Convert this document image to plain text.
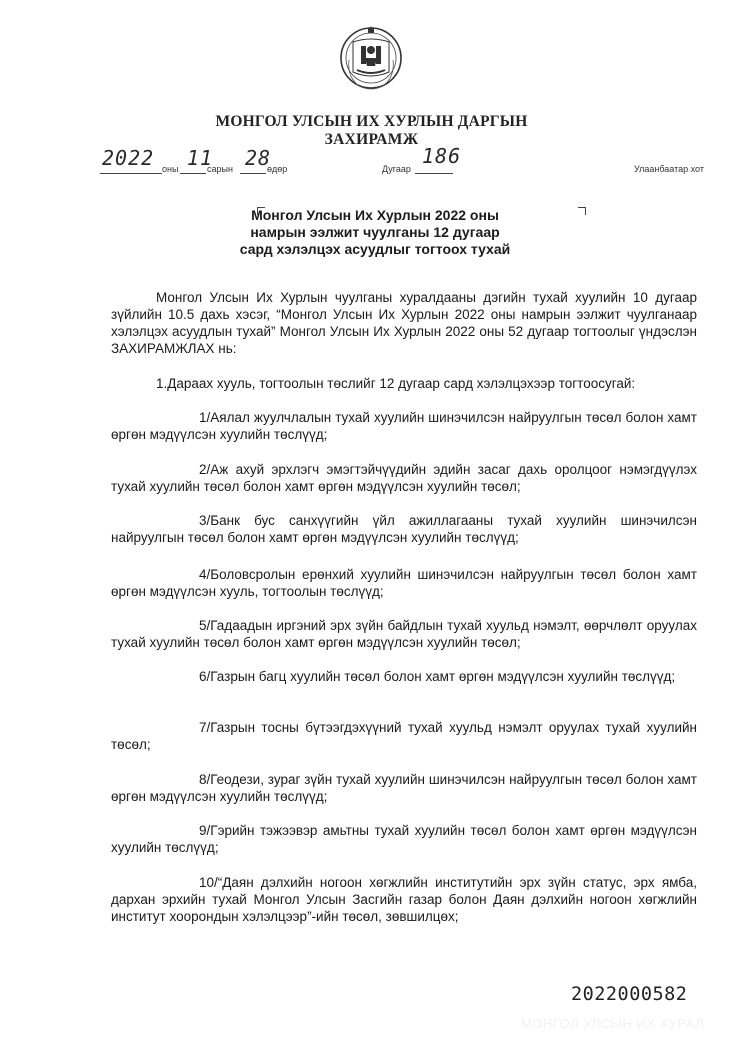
МОНГОЛ УЛСЫН ИХ ХУРЛЫН ДАРГЫН
ЗАХИРАМЖ
2022 оны 11
сарын 28
өдөр	Дугаар
186
Улаанбаатар хот
Монгол Улсын Их Хурлын 2022 оны
намрын ээлжит чуулганы 12 дугаар
сард хэлэлцэх асуудлыг тогтоох тухай
Монгол Улсын Их Хурлын чуулганы хуралдааны дэгийн тухай хуулийн 10 дугаар зүйлийн 10.5 дахь хэсэг, “Монгол Улсын Их Хурлын 2022 оны намрын ээлжит чуулганаар хэлэлцэх асуудлын тухай” Монгол Улсын Их Хурлын 2022 оны 52 дугаар тогтоолыг үндэслэн ЗАХИРАМЖЛАХ нь:
1.Дараах хууль, тогтоолын төслийг 12 дугаар сард хэлэлцэхээр тогтоосугай:
1/Аялал жуулчлалын тухай хуулийн шинэчилсэн найруулгын төсөл болон хамт өргөн мэдүүлсэн хуулийн төслүүд;
2/Аж ахуй эрхлэгч эмэгтэйчүүдийн эдийн засаг дахь оролцоог нэмэгдүүлэх тухай хуулийн төсөл болон хамт өргөн мэдүүлсэн хуулийн төсөл;
3/Банк бус санхүүгийн үйл ажиллагааны тухай хуулийн шинэчилсэн найруулгын төсөл болон хамт өргөн мэдүүлсэн хуулийн төслүүд;
4/Боловсролын ерөнхий хуулийн шинэчилсэн найруулгын төсөл болон хамт өргөн мэдүүлсэн хууль, тогтоолын төслүүд;
5/Гадаадын иргэний эрх зүйн байдлын тухай хуульд нэмэлт, өөрчлөлт оруулах тухай хуулийн төсөл болон хамт өргөн мэдүүлсэн хуулийн төсөл;
6/Газрын багц хуулийн төсөл болон хамт өргөн мэдүүлсэн хуулийн төслүүд;
7/Газрын тосны бүтээгдэхүүний тухай хуульд нэмэлт оруулах тухай хуулийн төсөл;
8/Геодези, зураг зүйн тухай хуулийн шинэчилсэн найруулгын төсөл болон хамт өргөн мэдүүлсэн хуулийн төслүүд;
9/Гэрийн тэжээвэр амьтны тухай хуулийн төсөл болон хамт өргөн мэдүүлсэн хуулийн төслүүд;
10/“Даян дэлхийн ногоон хөгжлийн институтийн эрх зүйн статус, эрх ямба, дархан эрхийн тухай Монгол Улсын Засгийн газар болон Даян дэлхийн ногоон хөгжлийн институт хоорондын хэлэлцээр”-ийн төсөл, зөвшилцөх;
2022000582
МОНГОЛ УЛСЫН ИХ ХУРАЛ
